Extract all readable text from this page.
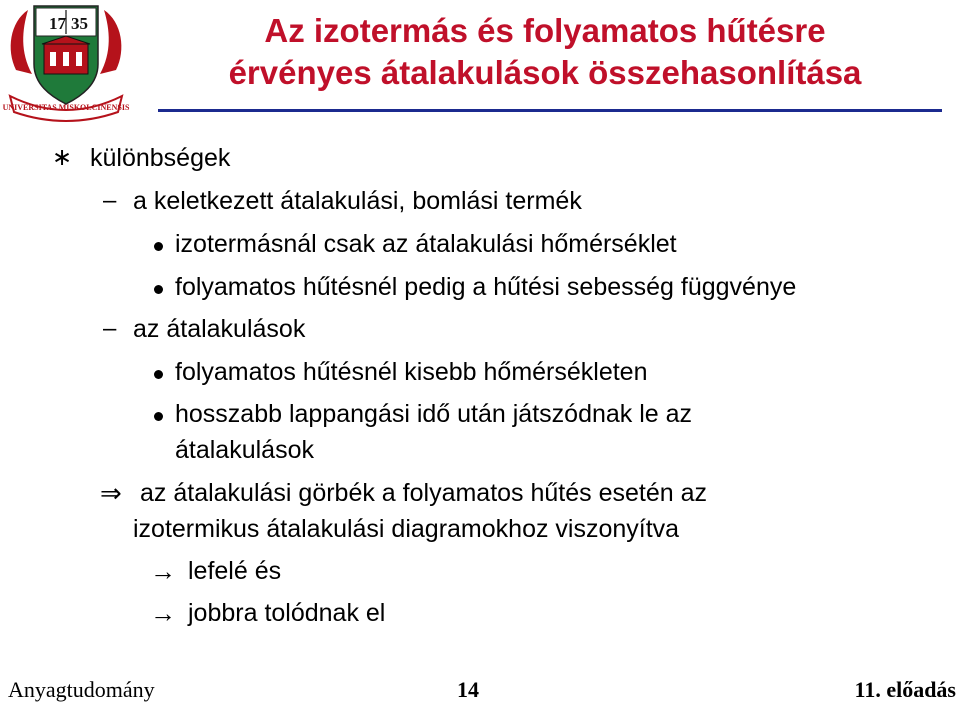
17 35
UNIVERSITAS MISKOLCINENSIS
Az izotermás és folyamatos hűtésre
érvényes átalakulások összehasonlítása
∗ különbségek
– a keletkezett átalakulási, bomlási termék
izotermásnál csak az átalakulási hőmérséklet
folyamatos hűtésnél pedig a hűtési sebesség függvénye
– az átalakulások
folyamatos hűtésnél kisebb hőmérsékleten
hosszabb lappangási idő után játszódnak le az
átalakulások
⇒ az átalakulási görbék a folyamatos hűtés esetén az
izotermikus átalakulási diagramokhoz viszonyítva
→ lefelé és
→ jobbra tolódnak el
Anyagtudomány	14	11. előadás
